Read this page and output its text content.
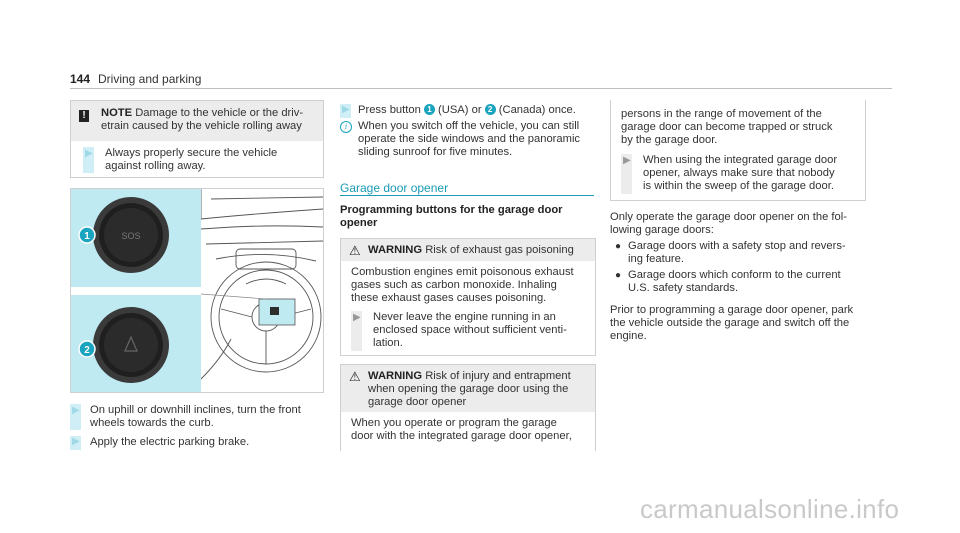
144 Driving and parking
! NOTE Damage to the vehicle or the driv-
etrain caused by the vehicle rolling away
▶ Always properly secure the vehicle
against rolling away.
SOS
1
2
▶ On uphill or downhill inclines, turn the front
wheels towards the curb.
▶ Apply the electric parking brake.
▶ Press button 1 (USA) or 2 (Canada) once.
i When you switch off the vehicle, you can still
operate the side windows and the panoramic
sliding sunroof for five minutes.
Garage door opener
Programming buttons for the garage door
opener
⚠ WARNING Risk of exhaust gas poisoning
Combustion engines emit poisonous exhaust
gases such as carbon monoxide. Inhaling
these exhaust gases causes poisoning.
▶ Never leave the engine running in an
enclosed space without sufficient venti-
lation.
⚠ WARNING Risk of injury and entrapment
when opening the garage door using the
garage door opener
When you operate or program the garage
door with the integrated garage door opener,
persons in the range of movement of the
garage door can become trapped or struck
by the garage door.
▶ When using the integrated garage door
opener, always make sure that nobody
is within the sweep of the garage door.
Only operate the garage door opener on the fol-
lowing garage doors:
● Garage doors with a safety stop and revers-
ing feature.
● Garage doors which conform to the current
U.S. safety standards.
Prior to programming a garage door opener, park
the vehicle outside the garage and switch off the
engine.
carmanualsonline.info
